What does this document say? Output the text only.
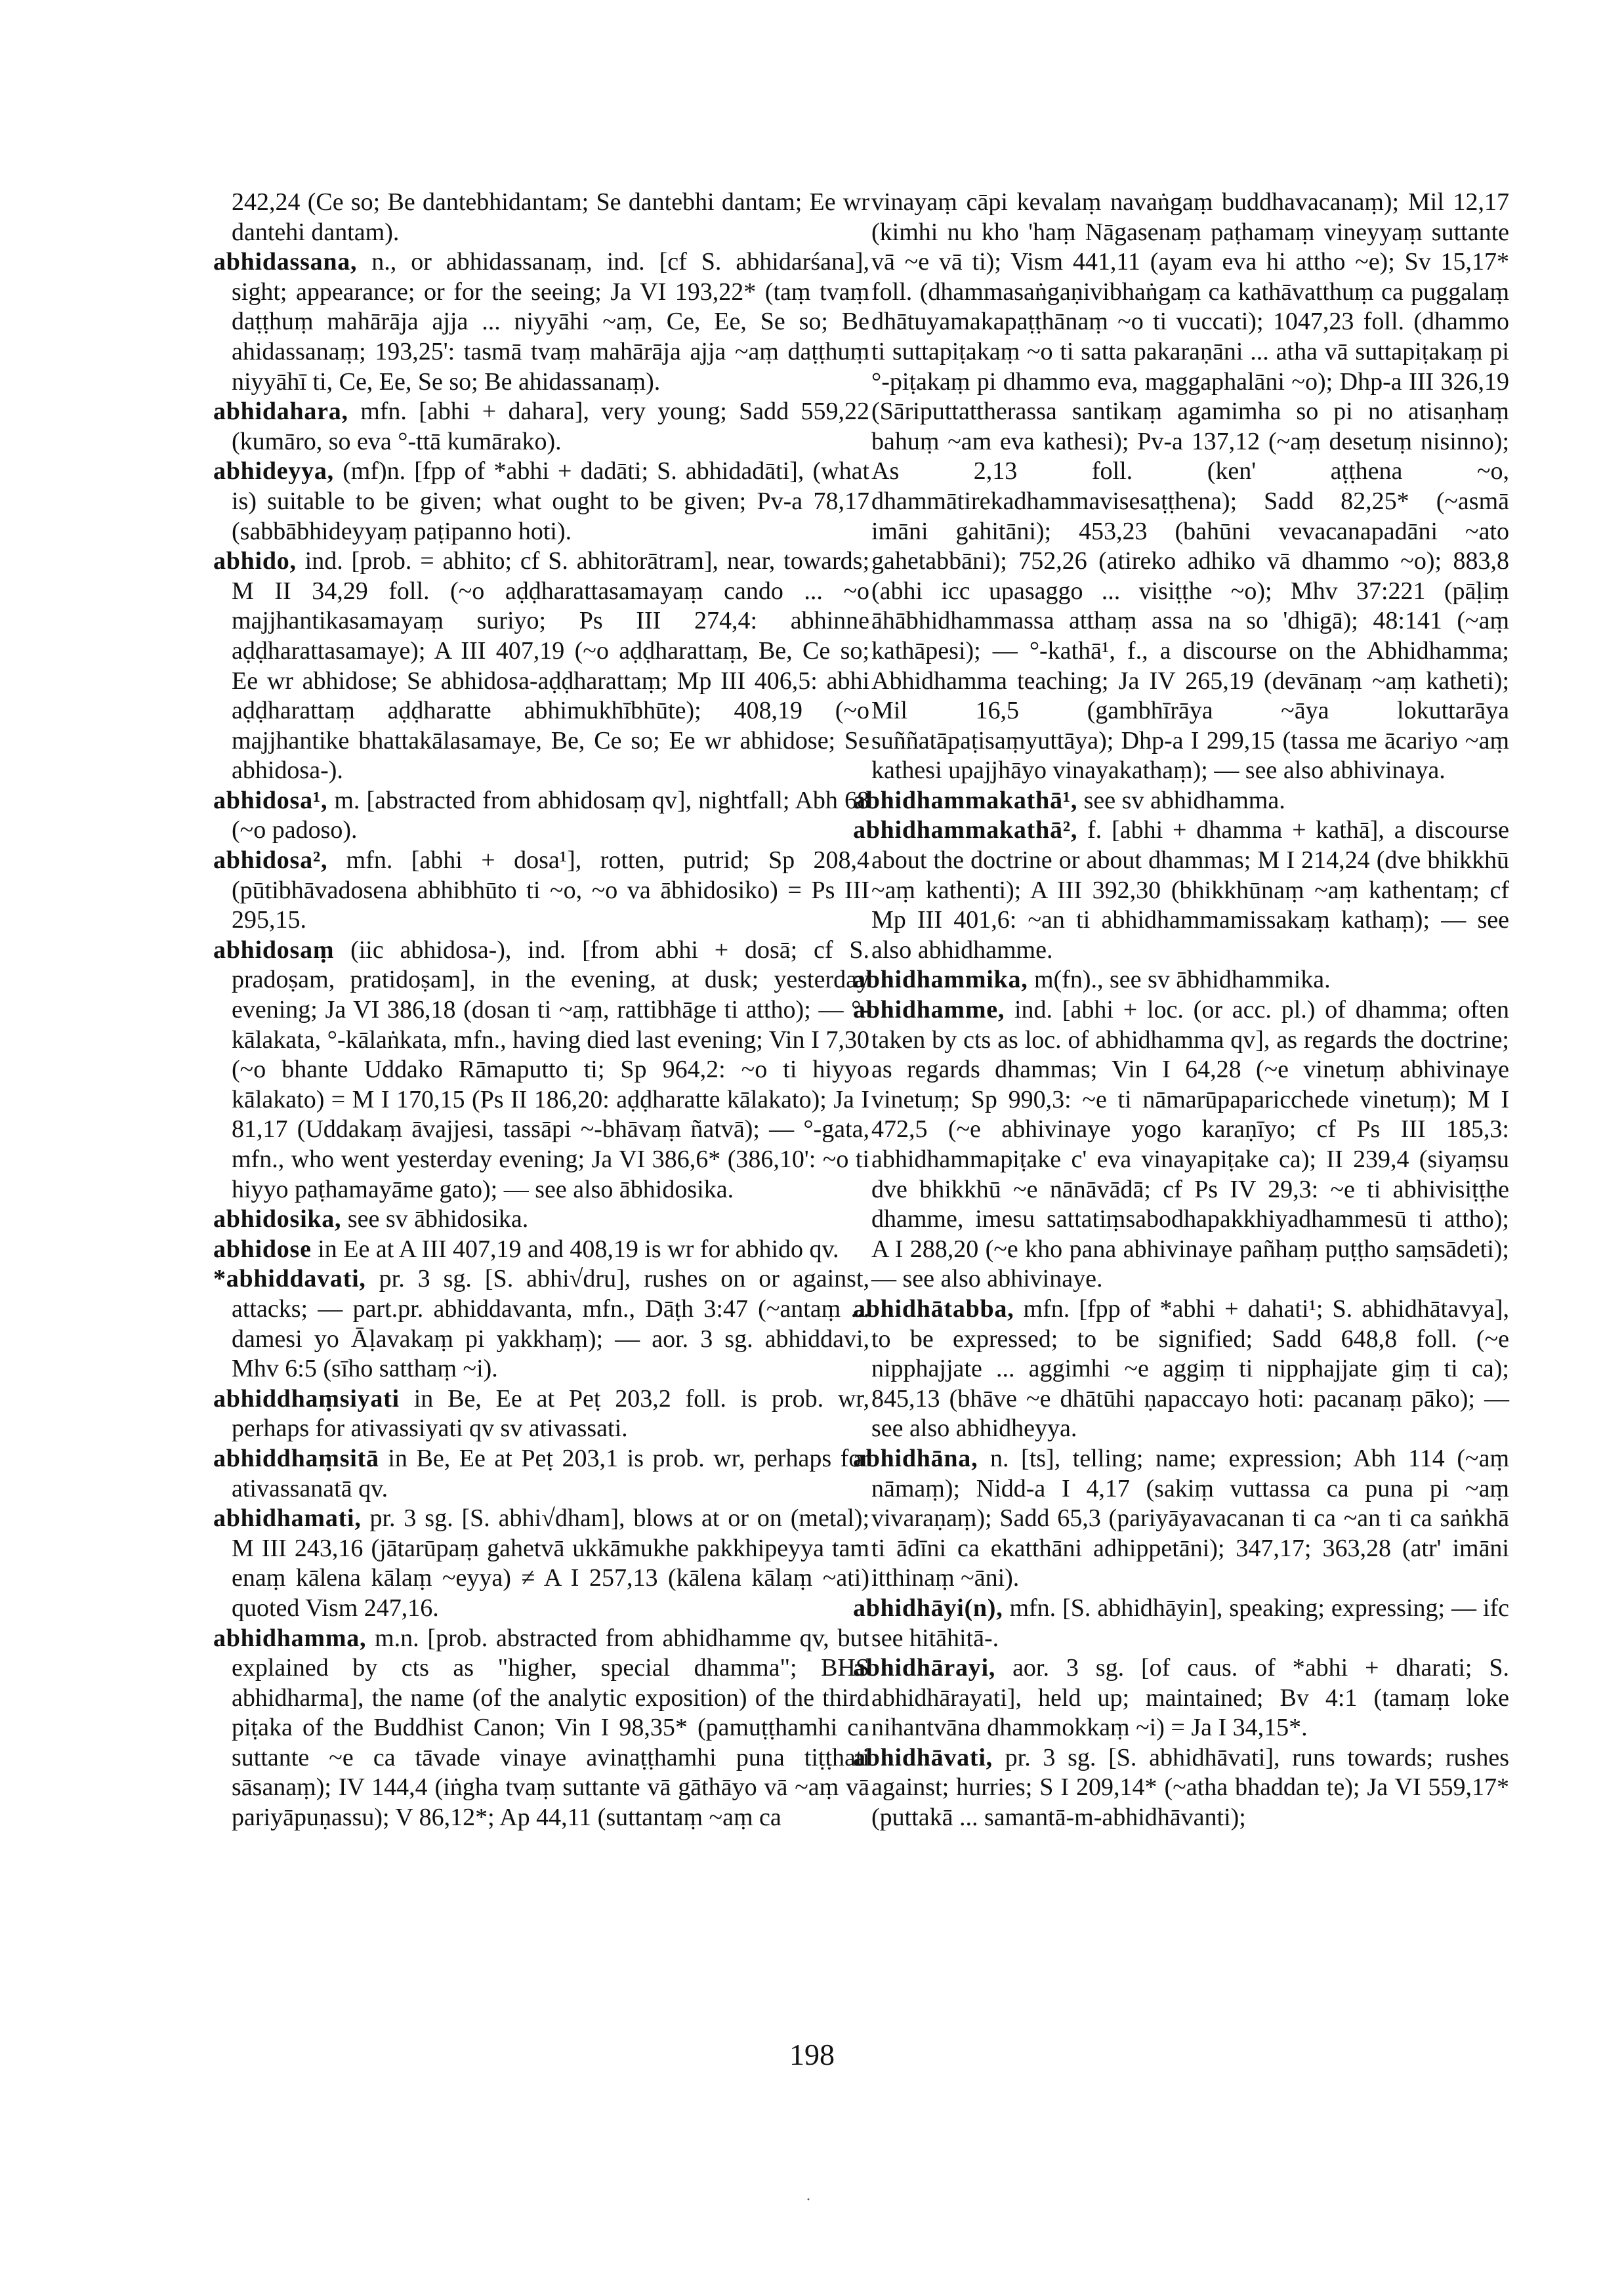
242,24 (Ce so; Be dantebhidantam; Se dantebhi dantam; Ee wr dantehi dantam).
abhidassana, n., or abhidassanaṃ, ind. [cf S. abhidarśana], sight; appearance; or for the seeing; Ja VI 193,22* (taṃ tvaṃ daṭṭhuṃ mahārāja ajja ... niyyāhi ~aṃ, Ce, Ee, Se so; Be ahidassanaṃ; 193,25': tasmā tvaṃ mahārāja ajja ~aṃ daṭṭhuṃ niyyāhī ti, Ce, Ee, Se so; Be ahidassanaṃ).
abhidahara, mfn. [abhi + dahara], very young; Sadd 559,22 (kumāro, so eva °-ttā kumārako).
abhideyya, (mf)n. [fpp of *abhi + dadāti; S. abhidadāti], (what is) suitable to be given; what ought to be given; Pv-a 78,17 (sabbābhideyyaṃ paṭipanno hoti).
abhido, ind. [prob. = abhito; cf S. abhitorātram], near, towards; M II 34,29 foll. (~o aḍḍharattasamayaṃ cando ... ~o majjhantikasamayaṃ suriyo; Ps III 274,4: abhinne aḍḍharattasamaye); A III 407,19 (~o aḍḍharattaṃ, Be, Ce so; Ee wr abhidose; Se abhidosa-aḍḍharattaṃ; Mp III 406,5: abhi aḍḍharattaṃ aḍḍharatte abhimukhībhūte); 408,19 (~o majjhantike bhattakālasamaye, Be, Ce so; Ee wr abhidose; Se abhidosa-).
abhidosa¹, m. [abstracted from abhidosaṃ qv], nightfall; Abh 68 (~o padoso).
abhidosa², mfn. [abhi + dosa¹], rotten, putrid; Sp 208,4 (pūtibhāvadosena abhibhūto ti ~o, ~o va ābhidosiko) = Ps III 295,15.
abhidosaṃ (iic abhidosa-), ind. [from abhi + dosā; cf S. pradoṣam, pratidoṣam], in the evening, at dusk; yesterday evening; Ja VI 386,18 (dosan ti ~aṃ, rattibhāge ti attho); — °-kālakata, °-kālaṅkata, mfn., having died last evening; Vin I 7,30 (~o bhante Uddako Rāmaputto ti; Sp 964,2: ~o ti hiyyo kālakato) = M I 170,15 (Ps II 186,20: aḍḍharatte kālakato); Ja I 81,17 (Uddakaṃ āvajjesi, tassāpi ~-bhāvaṃ ñatvā); — °-gata, mfn., who went yesterday evening; Ja VI 386,6* (386,10': ~o ti hiyyo paṭhamayāme gato); — see also ābhidosika.
abhidosika, see sv ābhidosika.
abhidose in Ee at A III 407,19 and 408,19 is wr for abhido qv.
*abhiddavati, pr. 3 sg. [S. abhi√dru], rushes on or against, attacks; — part.pr. abhiddavanta, mfn., Dāṭh 3:47 (~antaṃ ... damesi yo Āḷavakaṃ pi yakkhaṃ); — aor. 3 sg. abhiddavi, Mhv 6:5 (sīho satthaṃ ~i).
abhiddhaṃsiyati in Be, Ee at Peṭ 203,2 foll. is prob. wr, perhaps for ativassiyati qv sv ativassati.
abhiddhaṃsitā in Be, Ee at Peṭ 203,1 is prob. wr, perhaps for ativassanatā qv.
abhidhamati, pr. 3 sg. [S. abhi√dham], blows at or on (metal); M III 243,16 (jātarūpaṃ gahetvā ukkāmukhe pakkhipeyya tam enaṃ kālena kālaṃ ~eyya) ≠ A I 257,13 (kālena kālaṃ ~ati) quoted Vism 247,16.
abhidhamma, m.n. [prob. abstracted from abhidhamme qv, but explained by cts as "higher, special dhamma"; BHS abhidharma], the name (of the analytic exposition) of the third piṭaka of the Buddhist Canon; Vin I 98,35* (pamuṭṭhamhi ca suttante ~e ca tāvade vinaye avinaṭṭhamhi puna tiṭṭhati sāsanaṃ); IV 144,4 (iṅgha tvaṃ suttante vā gāthāyo vā ~aṃ vā pariyāpuṇassu); V 86,12*; Ap 44,11 (suttantaṃ ~aṃ ca
vinayaṃ cāpi kevalaṃ navaṅgaṃ buddhavacanaṃ); Mil 12,17 (kimhi nu kho 'haṃ Nāgasenaṃ paṭhamaṃ vineyyaṃ suttante vā ~e vā ti); Vism 441,11 (ayam eva hi attho ~e); Sv 15,17* foll. (dhammasaṅgaṇivibhaṅgaṃ ca kathāvatthuṃ ca puggalaṃ dhātuyamakapaṭṭhānaṃ ~o ti vuccati); 1047,23 foll. (dhammo ti suttapiṭakaṃ ~o ti satta pakaraṇāni ... atha vā suttapiṭakaṃ pi °-piṭakaṃ pi dhammo eva, maggaphalāni ~o); Dhp-a III 326,19 (Sāriputtattherassa santikaṃ agamimha so pi no atisaṇhaṃ bahuṃ ~am eva kathesi); Pv-a 137,12 (~aṃ desetuṃ nisinno); As 2,13 foll. (ken' aṭṭhena ~o, dhammātirekadhammavisesaṭṭhena); Sadd 82,25* (~asmā imāni gahitāni); 453,23 (bahūni vevacanapadāni ~ato gahetabbāni); 752,26 (atireko adhiko vā dhammo ~o); 883,8 (abhi icc upasaggo ... visiṭṭhe ~o); Mhv 37:221 (pāḷiṃ āhābhidhammassa atthaṃ assa na so 'dhigā); 48:141 (~aṃ kathāpesi); — °-kathā¹, f., a discourse on the Abhidhamma; Abhidhamma teaching; Ja IV 265,19 (devānaṃ ~aṃ katheti); Mil 16,5 (gambhīrāya ~āya lokuttarāya suññatāpaṭisaṃyuttāya); Dhp-a I 299,15 (tassa me ācariyo ~aṃ kathesi upajjhāyo vinayakathaṃ); — see also abhivinaya.
abhidhammakathā¹, see sv abhidhamma.
abhidhammakathā², f. [abhi + dhamma + kathā], a discourse about the doctrine or about dhammas; M I 214,24 (dve bhikkhū ~aṃ kathenti); A III 392,30 (bhikkhūnaṃ ~aṃ kathentaṃ; cf Mp III 401,6: ~an ti abhidhammamissakaṃ kathaṃ); — see also abhidhamme.
abhidhammika, m(fn)., see sv ābhidhammika.
abhidhamme, ind. [abhi + loc. (or acc. pl.) of dhamma; often taken by cts as loc. of abhidhamma qv], as regards the doctrine; as regards dhammas; Vin I 64,28 (~e vinetuṃ abhivinaye vinetuṃ; Sp 990,3: ~e ti nāmarūpaparicchede vinetuṃ); M I 472,5 (~e abhivinaye yogo karaṇīyo; cf Ps III 185,3: abhidhammapiṭake c' eva vinayapiṭake ca); II 239,4 (siyaṃsu dve bhikkhū ~e nānāvādā; cf Ps IV 29,3: ~e ti abhivisiṭṭhe dhamme, imesu sattatiṃsabodhapakkhiyadhammesū ti attho); A I 288,20 (~e kho pana abhivinaye pañhaṃ puṭṭho saṃsādeti); — see also abhivinaye.
abhidhātabba, mfn. [fpp of *abhi + dahati¹; S. abhidhātavya], to be expressed; to be signified; Sadd 648,8 foll. (~e nipphajjate ... aggimhi ~e aggiṃ ti nipphajjate giṃ ti ca); 845,13 (bhāve ~e dhātūhi ṇapaccayo hoti: pacanaṃ pāko); — see also abhidheyya.
abhidhāna, n. [ts], telling; name; expression; Abh 114 (~aṃ nāmaṃ); Nidd-a I 4,17 (sakiṃ vuttassa ca puna pi ~aṃ vivaraṇaṃ); Sadd 65,3 (pariyāyavacanan ti ca ~an ti ca saṅkhā ti ādīni ca ekatthāni adhippetāni); 347,17; 363,28 (atr' imāni itthinaṃ ~āni).
abhidhāyi(n), mfn. [S. abhidhāyin], speaking; expressing; — ifc see hitāhitā-.
abhidhārayi, aor. 3 sg. [of caus. of *abhi + dharati; S. abhidhārayati], held up; maintained; Bv 4:1 (tamaṃ loke nihantvāna dhammokkaṃ ~i) = Ja I 34,15*.
abhidhāvati, pr. 3 sg. [S. abhidhāvati], runs towards; rushes against; hurries; S I 209,14* (~atha bhaddan te); Ja VI 559,17* (puttakā ... samantā-m-abhidhāvanti);
198
·
